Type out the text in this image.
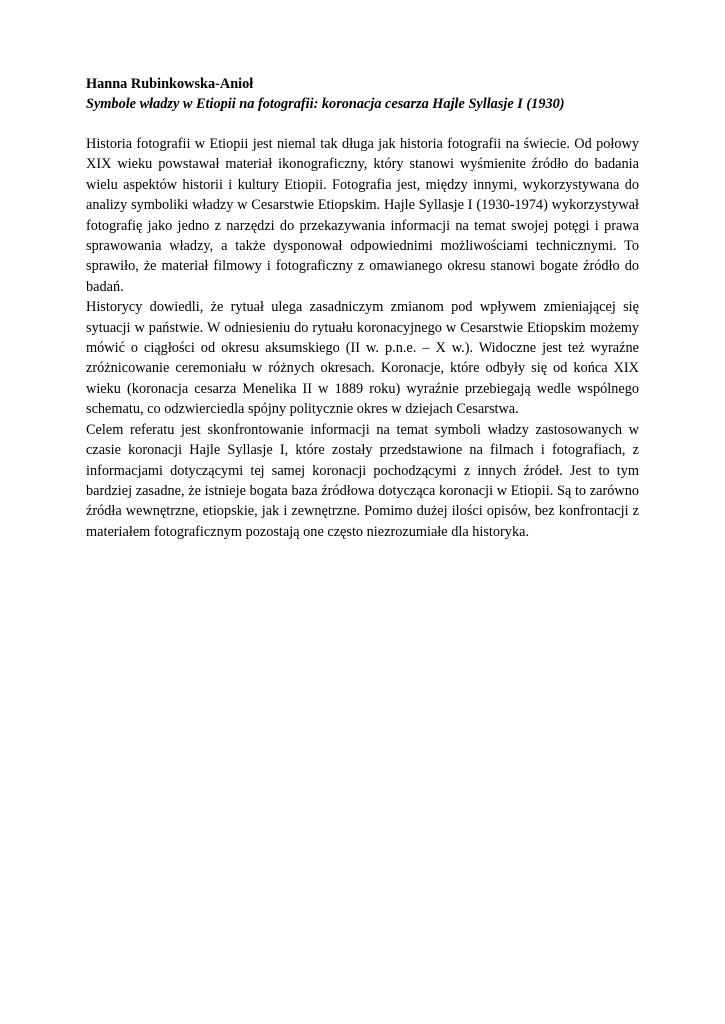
Hanna Rubinkowska-Anioł

Symbole władzy w Etiopii na fotografii: koronacja cesarza Hajle Syllasje I (1930)

Historia fotografii w Etiopii jest niemal tak długa jak historia fotografii na świecie. Od połowy XIX wieku powstawał materiał ikonograficzny, który stanowi wyśmienite źródło do badania wielu aspektów historii i kultury Etiopii. Fotografia jest, między innymi, wykorzystywana do analizy symboliki władzy w Cesarstwie Etiopskim. Hajle Syllasje I (1930-1974) wykorzystywał fotografię jako jedno z narzędzi do przekazywania informacji na temat swojej potęgi i prawa sprawowania władzy, a także dysponował odpowiednimi możliwościami technicznymi. To sprawiło, że materiał filmowy i fotograficzny z omawianego okresu stanowi bogate źródło do badań.

Historycy dowiedli, że rytuał ulega zasadniczym zmianom pod wpływem zmieniającej się sytuacji w państwie. W odniesieniu do rytuału koronacyjnego w Cesarstwie Etiopskim możemy mówić o ciągłości od okresu aksumskiego (II w. p.n.e. – X w.). Widoczne jest też wyraźne zróżnicowanie ceremoniału w różnych okresach. Koronacje, które odbyły się od końca XIX wieku (koronacja cesarza Menelika II w 1889 roku) wyraźnie przebiegają wedle wspólnego schematu, co odzwierciedla spójny politycznie okres w dziejach Cesarstwa.

Celem referatu jest skonfrontowanie informacji na temat symboli władzy zastosowanych w czasie koronacji Hajle Syllasje I, które zostały przedstawione na filmach i fotografiach, z informacjami dotyczącymi tej samej koronacji pochodzącymi z innych źródeł. Jest to tym bardziej zasadne, że istnieje bogata baza źródłowa dotycząca koronacji w Etiopii. Są to zarówno źródła wewnętrzne, etiopskie, jak i zewnętrzne. Pomimo dużej ilości opisów, bez konfrontacji z materiałem fotograficznym pozostają one często niezrozumiałe dla historyka.
